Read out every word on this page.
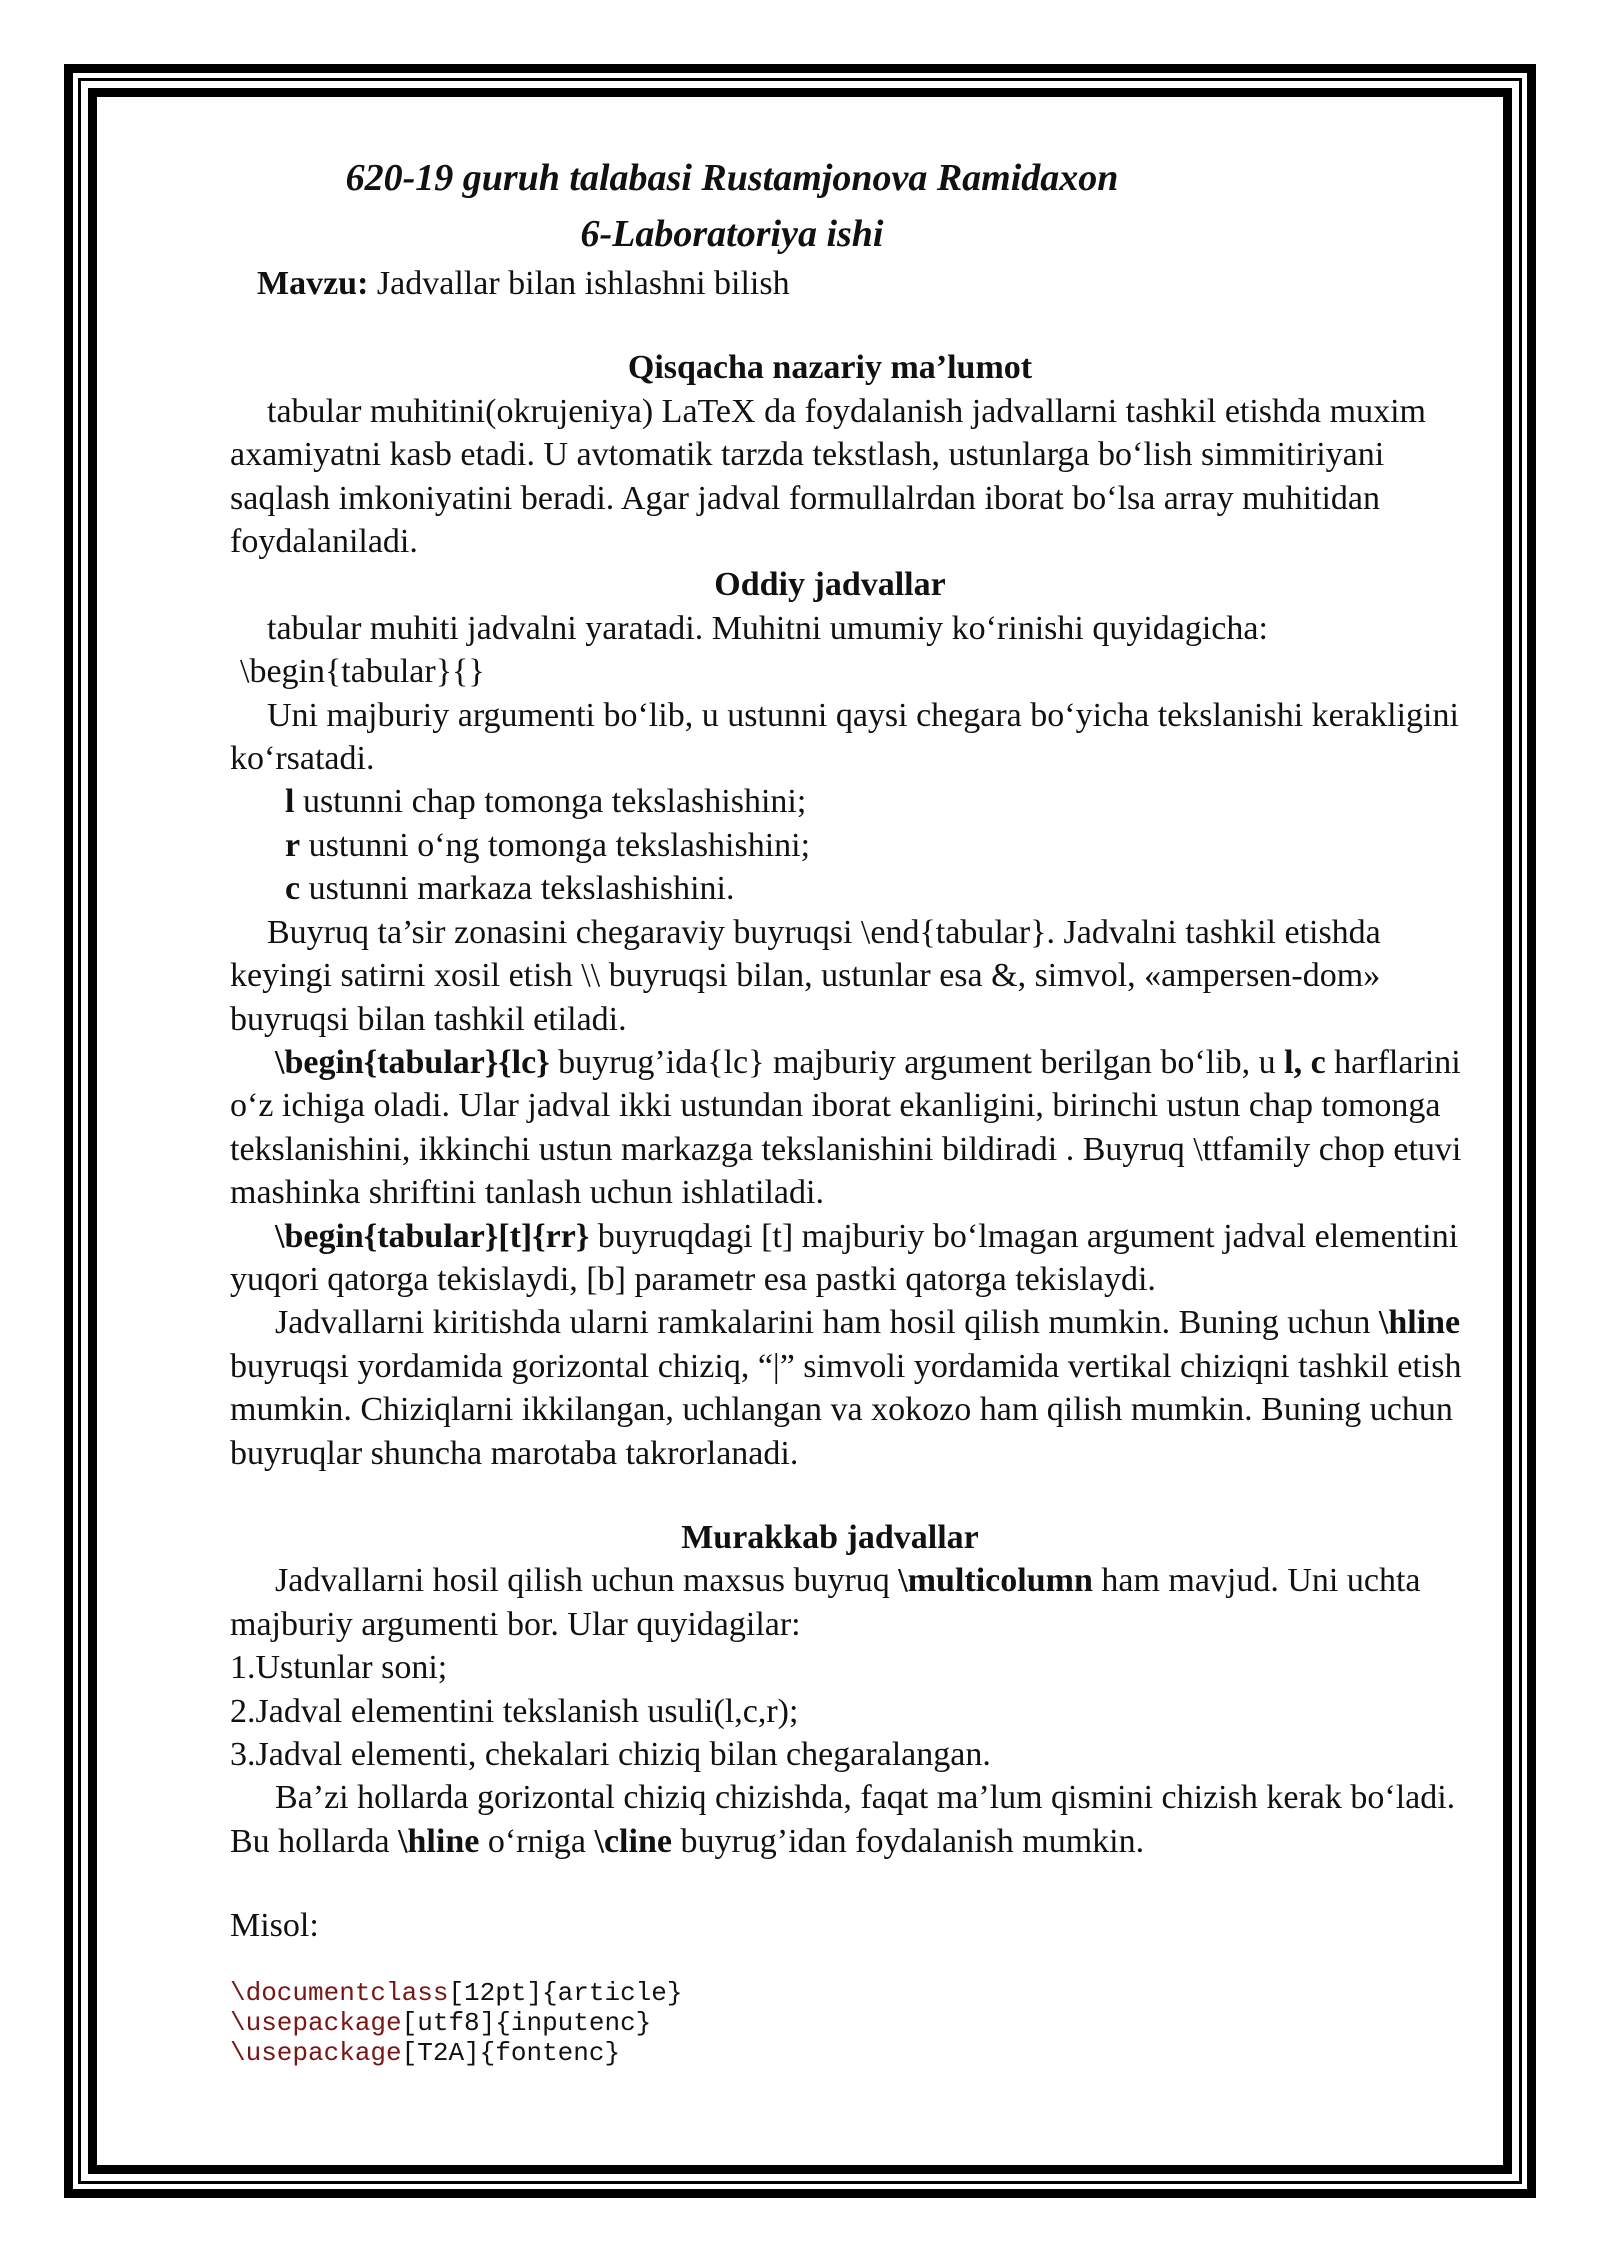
620-19 guruh talabasi Rustamjonova Ramidaxon
6-Laboratoriya ishi
Mavzu: Jadvallar bilan ishlashni bilish
Qisqacha nazariy ma’lumot

tabular muhitini(okrujeniya) LaTeX da foydalanish jadvallarni tashkil etishda muxim axamiyatni kasb etadi. U avtomatik tarzda tekstlash, ustunlarga bo‘lish simmitiriyani saqlash imkoniyatini beradi. Agar jadval formullalrdan iborat bo‘lsa array muhitidan foydalaniladi.

Oddiy jadvallar

tabular muhiti jadvalni yaratadi. Muhitni umumiy ko‘rinishi quyidagicha:

\begin{tabular}{}

Uni majburiy argumenti bo‘lib, u ustunni qaysi chegara bo‘yicha tekslanishi kerakligini ko‘rsatadi.

l ustunni chap tomonga tekslashishini;
r ustunni o‘ng tomonga tekslashishini;
c ustunni markaza tekslashishini.

Buyruq ta’sir zonasini chegaraviy buyruqsi \end{tabular}. Jadvalni tashkil etishda keyingi satirni xosil etish \\ buyruqsi bilan, ustunlar esa &, simvol, «ampersen-dom» buyruqsi bilan tashkil etiladi.

\begin{tabular}{lc} buyrug’ida{lc} majburiy argument berilgan bo‘lib, u l, c harflarini o‘z ichiga oladi. Ular jadval ikki ustundan iborat ekanligini, birinchi ustun chap tomonga tekslanishini, ikkinchi ustun markazga tekslanishini bildiradi . Buyruq \ttfamily chop etuvi mashinka shriftini tanlash uchun ishlatiladi.

\begin{tabular}[t]{rr} buyruqdagi [t] majburiy bo‘lmagan argument jadval elementini yuqori qatorga tekislaydi, [b] parametr esa pastki qatorga tekislaydi.

Jadvallarni kiritishda ularni ramkalarini ham hosil qilish mumkin. Buning uchun \hline buyruqsi yordamida gorizontal chiziq, “|” simvoli yordamida vertikal chiziqni tashkil etish mumkin. Chiziqlarni ikkilangan, uchlangan va xokozo ham qilish mumkin. Buning uchun buyruqlar shuncha marotaba takrorlanadi.

Murakkab jadvallar

Jadvallarni hosil qilish uchun maxsus buyruq \multicolumn ham mavjud. Uni uchta majburiy argumenti bor. Ular quyidagilar:

1.Ustunlar soni;
2.Jadval elementini tekslanish usuli(l,c,r);
3.Jadval elementi, chekalari chiziq bilan chegaralangan.

Ba’zi hollarda gorizontal chiziq chizishda, faqat ma’lum qismini chizish kerak bo‘ladi. Bu hollarda \hline o‘rniga \cline buyrug’idan foydalanish mumkin.

Misol:
\documentclass[12pt]{article}
\usepackage[utf8]{inputenc}
\usepackage[T2A]{fontenc}
